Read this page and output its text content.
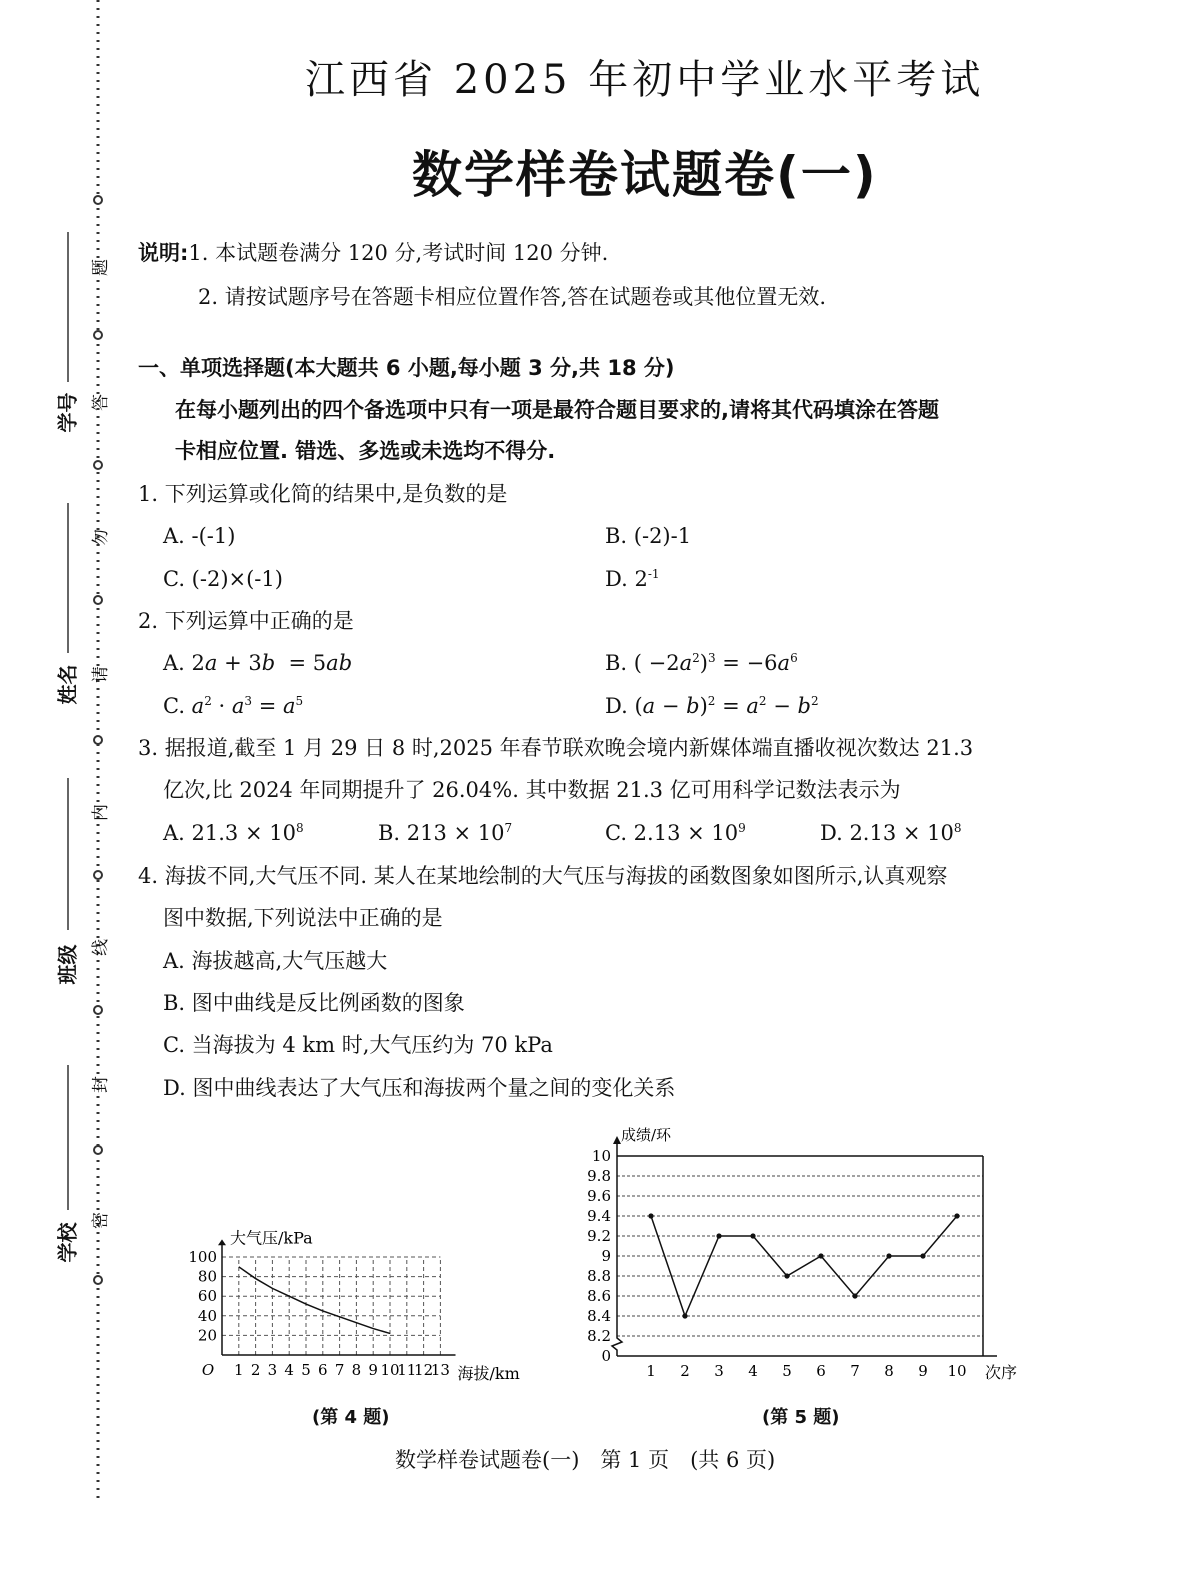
学号
姓名
班级
学校
题
答
勿
请
内
线
封
密
江西省 2025 年初中学业水平考试
数学样卷试题卷(一)
说明:1. 本试题卷满分 120 分,考试时间 120 分钟.
2. 请按试题序号在答题卡相应位置作答,答在试题卷或其他位置无效.
一、单项选择题(本大题共 6 小题,每小题 3 分,共 18 分)
在每小题列出的四个备选项中只有一项是最符合题目要求的,请将其代码填涂在答题
卡相应位置. 错选、多选或未选均不得分.
1. 下列运算或化简的结果中,是负数的是
A. -(-1)	B. (-2)-1
C. (-2)×(-1)	D. $2^{-1}$
2. 下列运算中正确的是
A. 2a + 3b  = 5ab	B. ( $-2a^2)^3 = -6a^6$
C. $a^2 \cdot a^3 = a^5$	D. $(a - b)^2 = a^2 - b^2$
3. 据报道,截至 1 月 29 日 8 时,2025 年春节联欢晚会境内新媒体端直播收视次数达 21.3
亿次,比 2024 年同期提升了 26.04%. 其中数据 21.3 亿可用科学记数法表示为
A. $21.3 \times 10^8$	B. $213 \times 10^7$	C. $2.13 \times 10^9$	D. $2.13 \times 10^8$
4. 海拔不同,大气压不同. 某人在某地绘制的大气压与海拔的函数图象如图所示,认真观察
图中数据,下列说法中正确的是
A. 海拔越高,大气压越大
B. 图中曲线是反比例函数的图象
C. 当海拔为 4 km 时,大气压约为 70 kPa
D. 图中曲线表达了大气压和海拔两个量之间的变化关系
1 2 3 4 5 6 7 8 9 10
11
12
13
20
40
60
80
100
O
大气压/kPa
海拔/km
8.2
8.4
8.6
8.8
9
9.2
9.4
9.6
9.8
10
0
1 2 3 4 5 6 7 8 9 10
成绩/环
次序
(第 4 题)	(第 5 题)
数学样卷试题卷(一)　第 1 页　(共 6 页)
